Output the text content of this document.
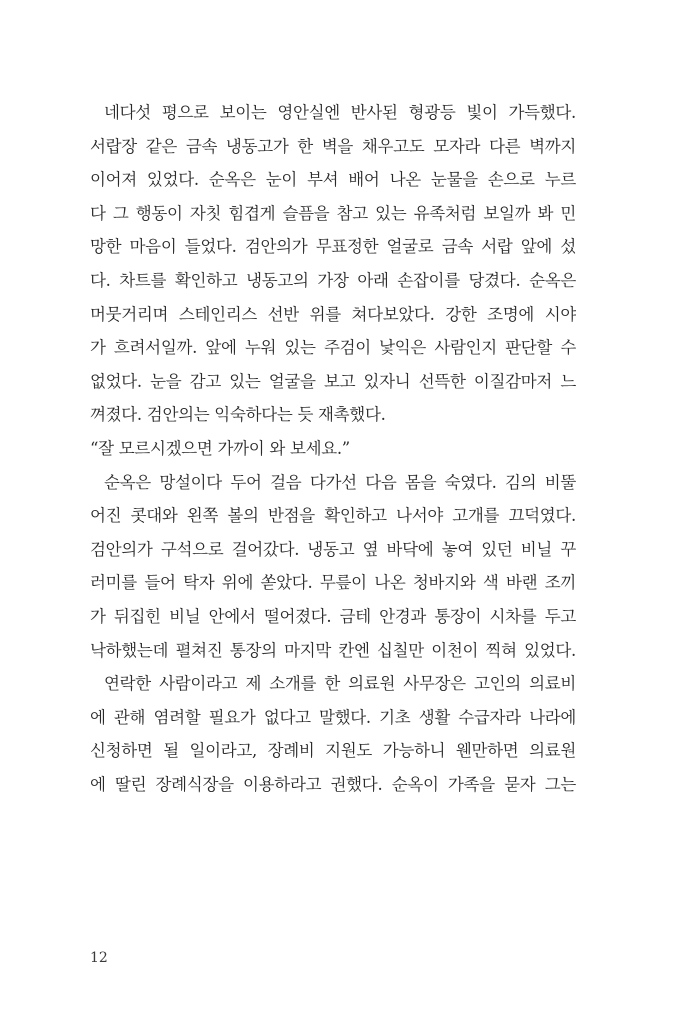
네다섯 평으로 보이는 영안실엔 반사된 형광등 빛이 가득했다.
서랍장 같은 금속 냉동고가 한 벽을 채우고도 모자라 다른 벽까지
이어져 있었다. 순옥은 눈이 부셔 배어 나온 눈물을 손으로 누르
다 그 행동이 자칫 힘겹게 슬픔을 참고 있는 유족처럼 보일까 봐 민
망한 마음이 들었다. 검안의가 무표정한 얼굴로 금속 서랍 앞에 섰
다. 차트를 확인하고 냉동고의 가장 아래 손잡이를 당겼다. 순옥은
머뭇거리며 스테인리스 선반 위를 쳐다보았다. 강한 조명에 시야
가 흐려서일까. 앞에 누워 있는 주검이 낯익은 사람인지 판단할 수
없었다. 눈을 감고 있는 얼굴을 보고 있자니 선뜩한 이질감마저 느
껴졌다. 검안의는 익숙하다는 듯 재촉했다.
“잘 모르시겠으면 가까이 와 보세요.”
순옥은 망설이다 두어 걸음 다가선 다음 몸을 숙였다. 김의 비뚤
어진 콧대와 왼쪽 볼의 반점을 확인하고 나서야 고개를 끄덕였다.
검안의가 구석으로 걸어갔다. 냉동고 옆 바닥에 놓여 있던 비닐 꾸
러미를 들어 탁자 위에 쏟았다. 무릎이 나온 청바지와 색 바랜 조끼
가 뒤집힌 비닐 안에서 떨어졌다. 금테 안경과 통장이 시차를 두고
낙하했는데 펼쳐진 통장의 마지막 칸엔 십칠만 이천이 찍혀 있었다.
연락한 사람이라고 제 소개를 한 의료원 사무장은 고인의 의료비
에 관해 염려할 필요가 없다고 말했다. 기초 생활 수급자라 나라에
신청하면 될 일이라고, 장례비 지원도 가능하니 웬만하면 의료원
에 딸린 장례식장을 이용하라고 권했다. 순옥이 가족을 묻자 그는
12
